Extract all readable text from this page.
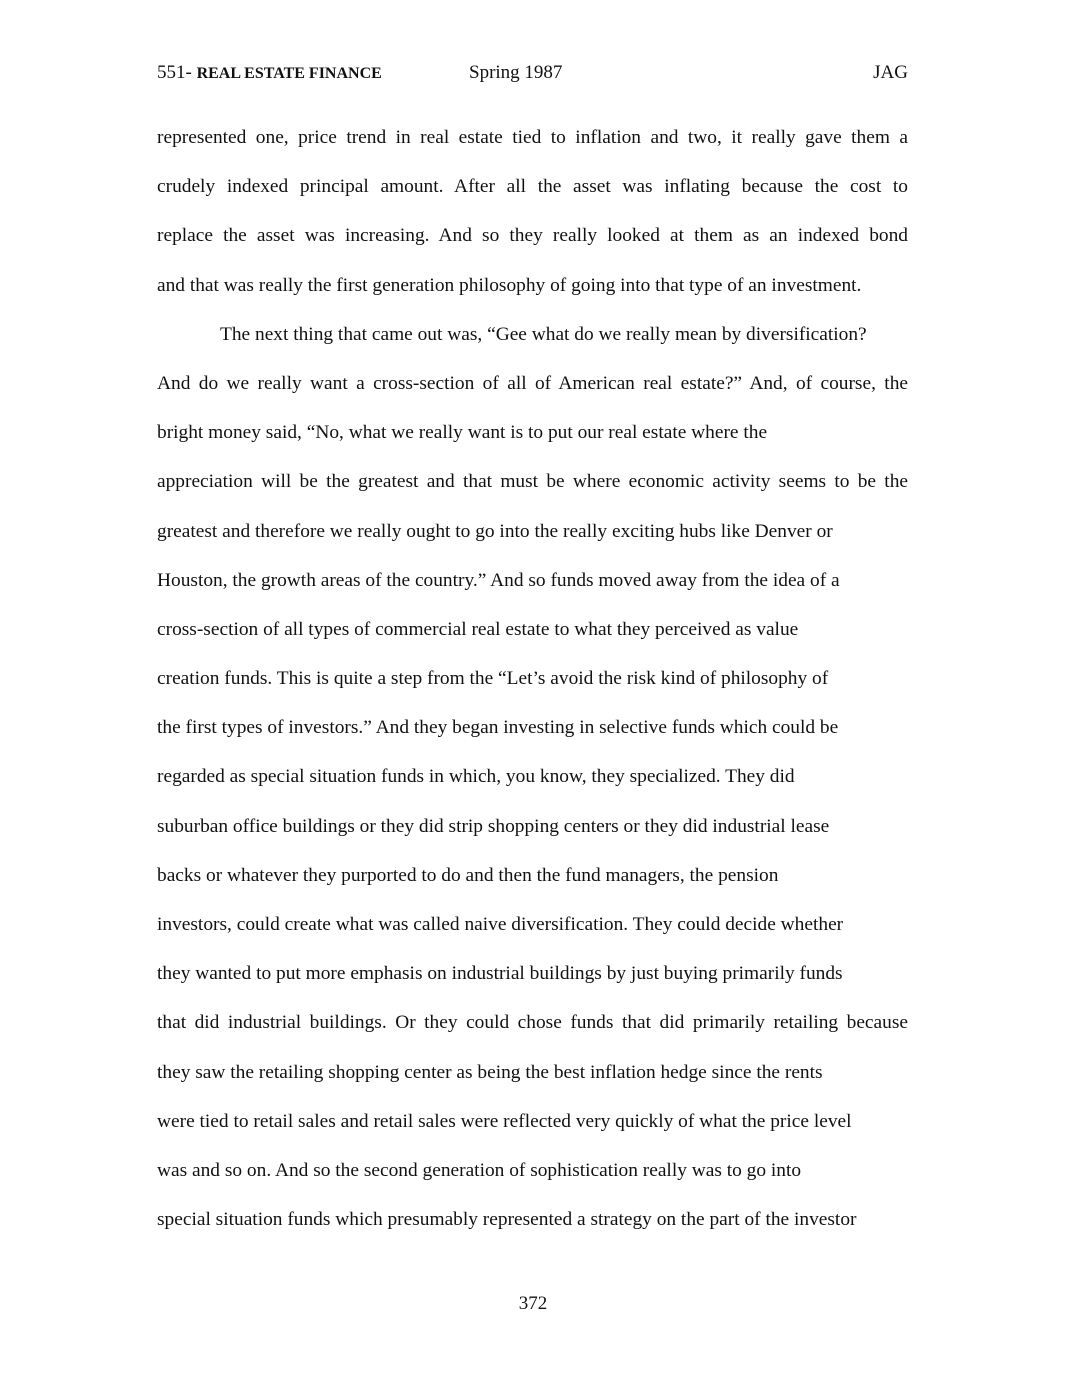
551- REAL ESTATE FINANCE	Spring 1987	JAG
represented one, price trend in real estate tied to inflation and two, it really gave them a
crudely indexed principal amount. After all the asset was inflating because the cost to
replace the asset was increasing. And so they really looked at them as an indexed bond
and that was really the first generation philosophy of going into that type of an investment.
The next thing that came out was, “Gee what do we really mean by diversification?
And do we really want a cross-section of all of American real estate?” And, of course, the
bright money said, “No, what we really want is to put our real estate where the
appreciation will be the greatest and that must be where economic activity seems to be the
greatest and therefore we really ought to go into the really exciting hubs like Denver or
Houston, the growth areas of the country.” And so funds moved away from the idea of a
cross-section of all types of commercial real estate to what they perceived as value
creation funds. This is quite a step from the “Let’s avoid the risk kind of philosophy of
the first types of investors.” And they began investing in selective funds which could be
regarded as special situation funds in which, you know, they specialized. They did
suburban office buildings or they did strip shopping centers or they did industrial lease
backs or whatever they purported to do and then the fund managers, the pension
investors, could create what was called naive diversification. They could decide whether
they wanted to put more emphasis on industrial buildings by just buying primarily funds
that did industrial buildings. Or they could chose funds that did primarily retailing because
they saw the retailing shopping center as being the best inflation hedge since the rents
were tied to retail sales and retail sales were reflected very quickly of what the price level
was and so on. And so the second generation of sophistication really was to go into
special situation funds which presumably represented a strategy on the part of the investor
372
